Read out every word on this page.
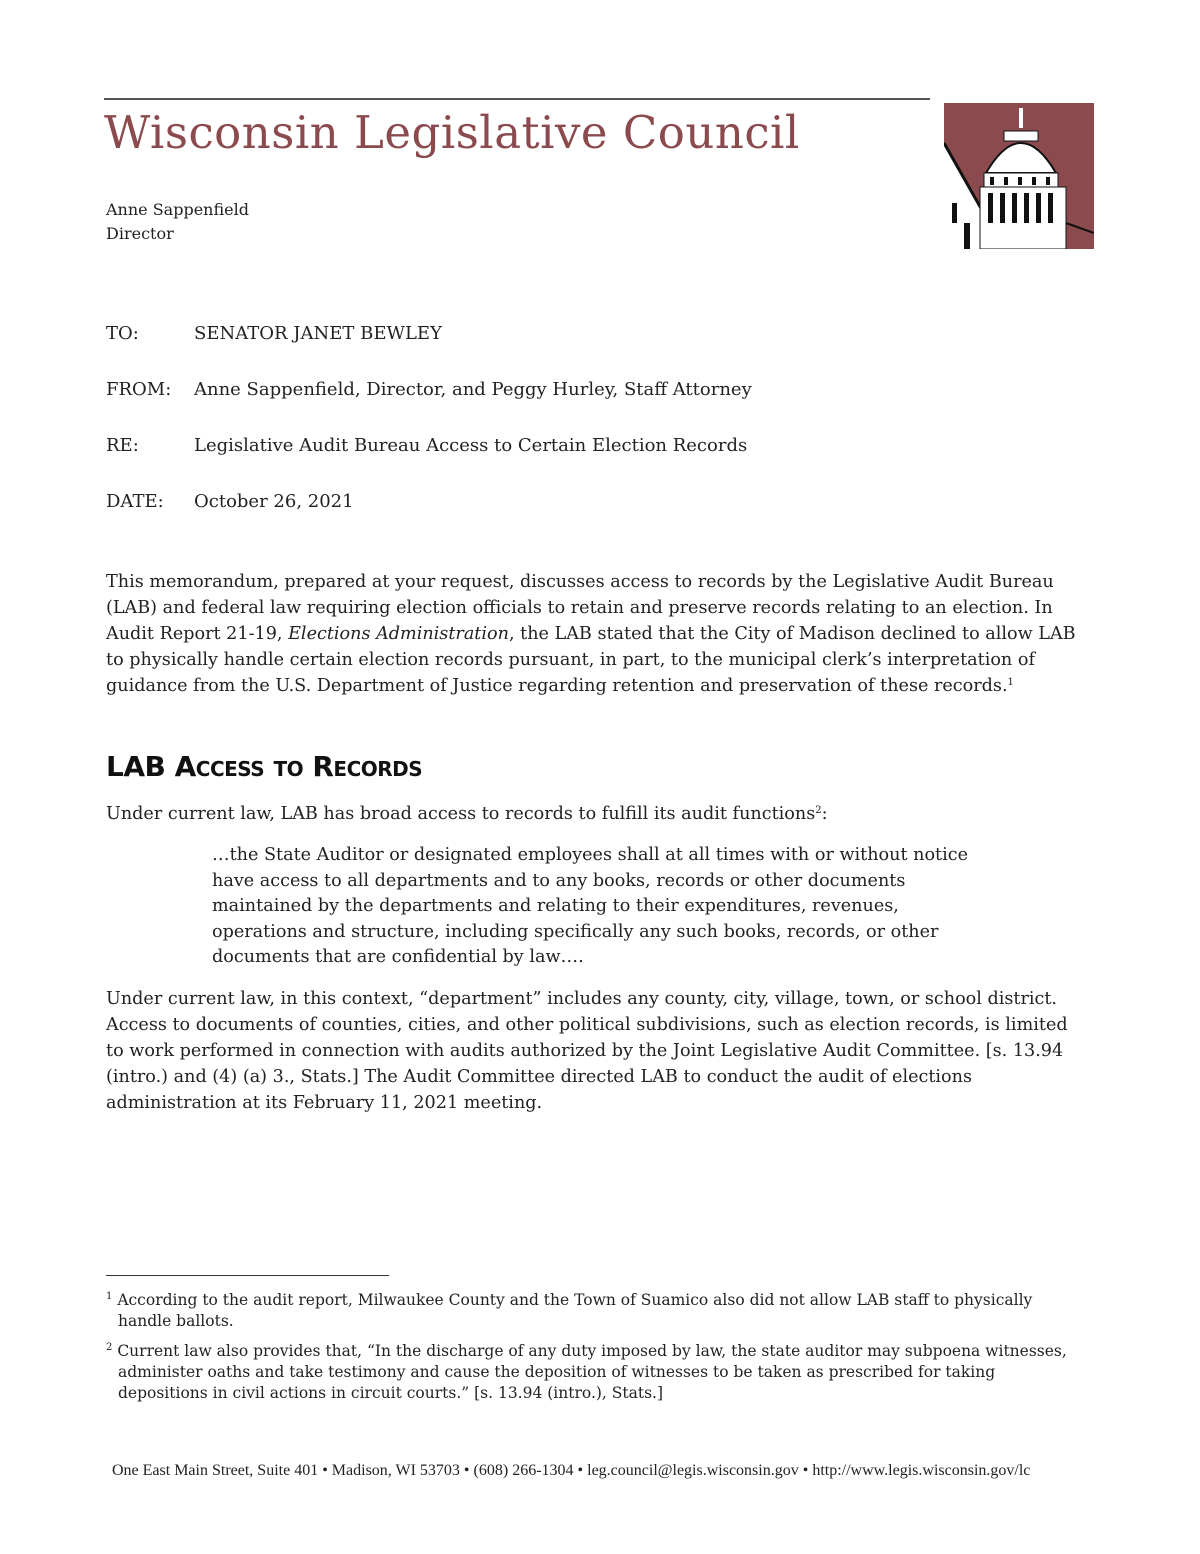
Wisconsin Legislative Council
Anne Sappenfield
Director
TO:	SENATOR JANET BEWLEY
FROM: Anne Sappenfield, Director, and Peggy Hurley, Staff Attorney
RE:	Legislative Audit Bureau Access to Certain Election Records
DATE: October 26, 2021
This memorandum, prepared at your request, discusses access to records by the Legislative Audit Bureau (LAB) and federal law requiring election officials to retain and preserve records relating to an election. In Audit Report 21-19, Elections Administration, the LAB stated that the City of Madison declined to allow LAB to physically handle certain election records pursuant, in part, to the municipal clerk’s interpretation of guidance from the U.S. Department of Justice regarding retention and preservation of these records.$^1$
LAB Access to Records
Under current law, LAB has broad access to records to fulfill its audit functions$^2$:
…the State Auditor or designated employees shall at all times with or without notice have access to all departments and to any books, records or other documents maintained by the departments and relating to their expenditures, revenues, operations and structure, including specifically any such books, records, or other documents that are confidential by law….
Under current law, in this context, “department” includes any county, city, village, town, or school district. Access to documents of counties, cities, and other political subdivisions, such as election records, is limited to work performed in connection with audits authorized by the Joint Legislative Audit Committee. [s. 13.94 (intro.) and (4) (a) 3., Stats.] The Audit Committee directed LAB to conduct the audit of elections administration at its February 11, 2021 meeting.
$^1$ According to the audit report, Milwaukee County and the Town of Suamico also did not allow LAB staff to physically handle ballots.
$^2$ Current law also provides that, “In the discharge of any duty imposed by law, the state auditor may subpoena witnesses, administer oaths and take testimony and cause the deposition of witnesses to be taken as prescribed for taking depositions in civil actions in circuit courts.” [s. 13.94 (intro.), Stats.]
One East Main Street, Suite 401 • Madison, WI 53703 • (608) 266-1304 • leg.council@legis.wisconsin.gov • http://www.legis.wisconsin.gov/lc
